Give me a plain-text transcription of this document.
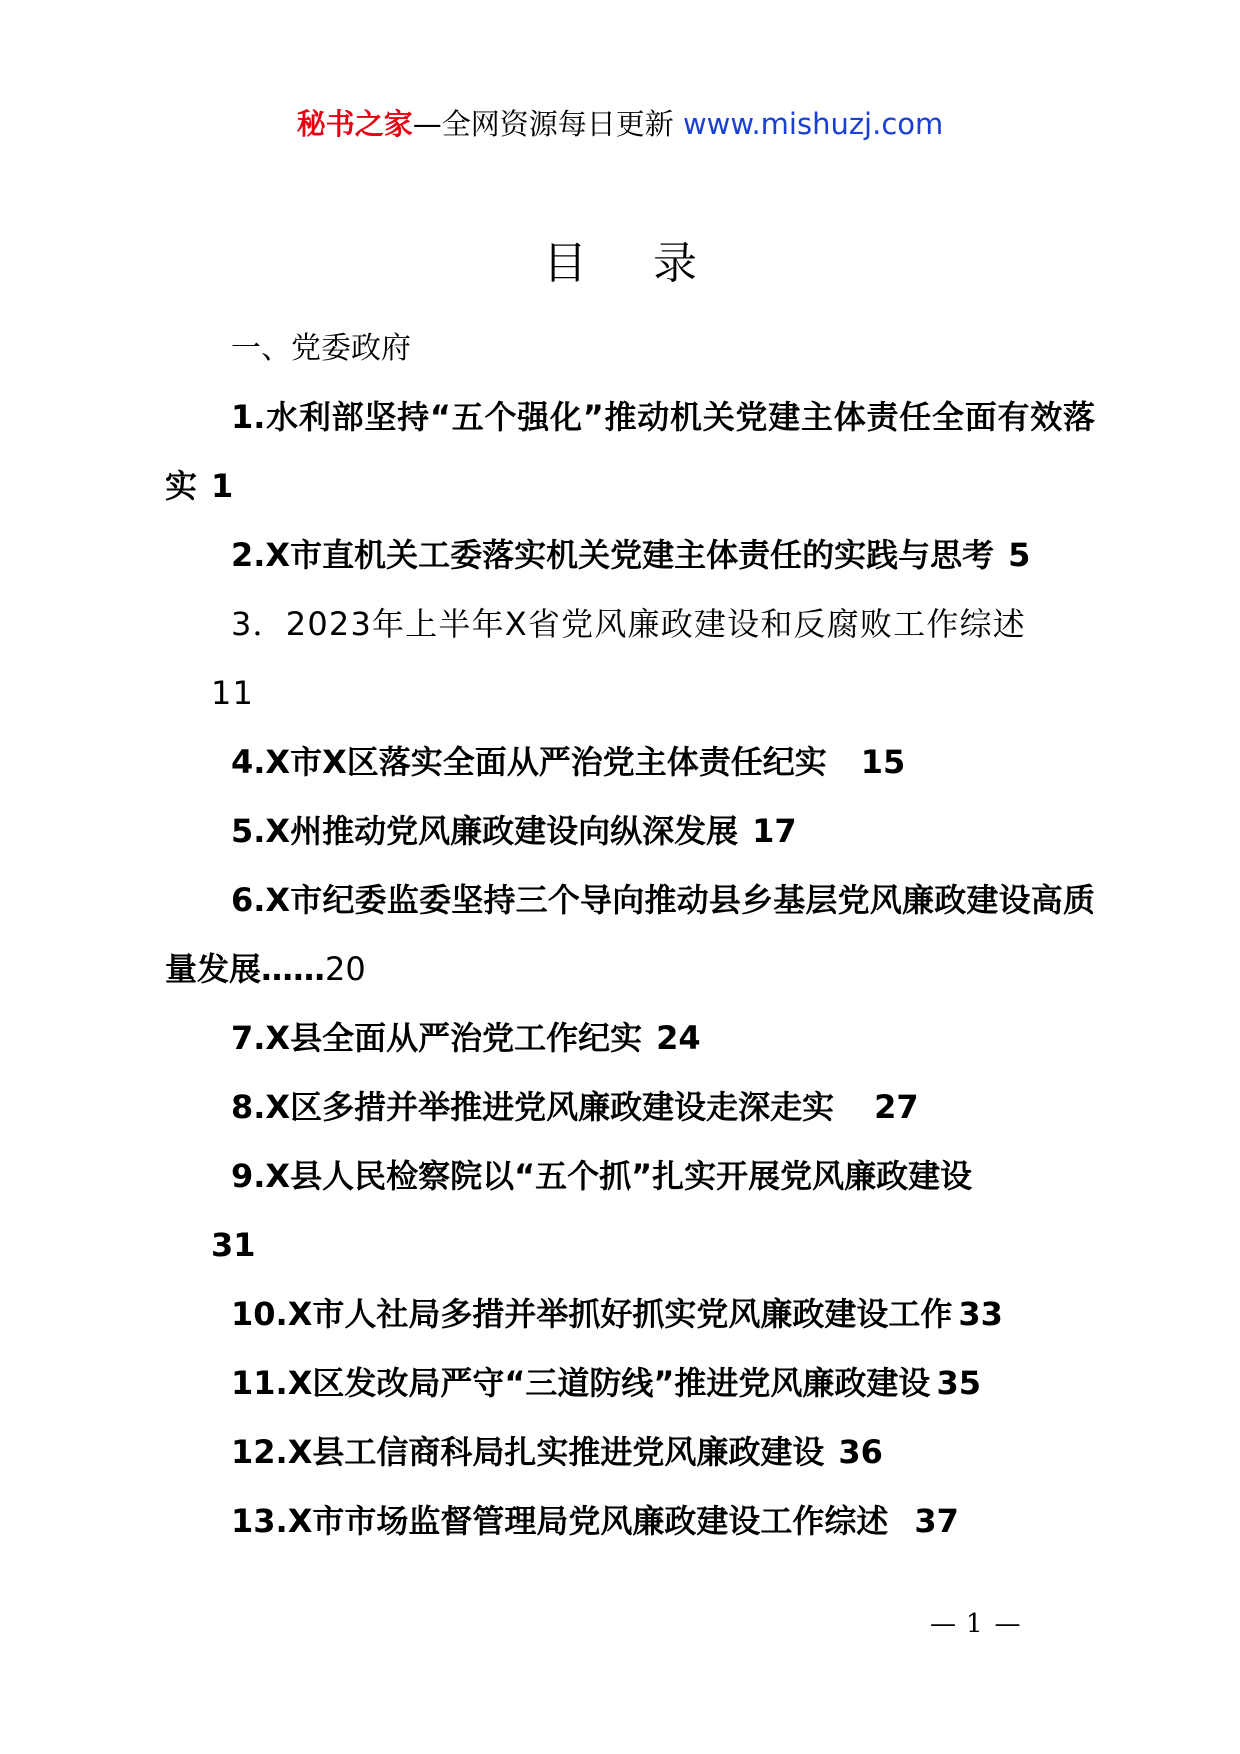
秘书之家—全网资源每日更新 www.mishuzj.com
目 录

一、党委政府

1.水利部坚持“五个强化”推动机关党建主体责任全面有效落实 1

2.X市直机关工委落实机关党建主体责任的实践与思考 5

3．2023年上半年X省党风廉政建设和反腐败工作综述
11

4.X市X区落实全面从严治党主体责任纪实 15

5.X州推动党风廉政建设向纵深发展 17

6.X市纪委监委坚持三个导向推动县乡基层党风廉政建设高质量发展……20

7.X县全面从严治党工作纪实 24

8.X区多措并举推进党风廉政建设走深走实 27

9.X县人民检察院以“五个抓”扎实开展党风廉政建设
31

10.X市人社局多措并举抓好抓实党风廉政建设工作 33

11.X区发改局严守“三道防线”推进党风廉政建设 35

12.X县工信商科局扎实推进党风廉政建设 36

13.X市市场监督管理局党风廉政建设工作综述 37

— 1 —
